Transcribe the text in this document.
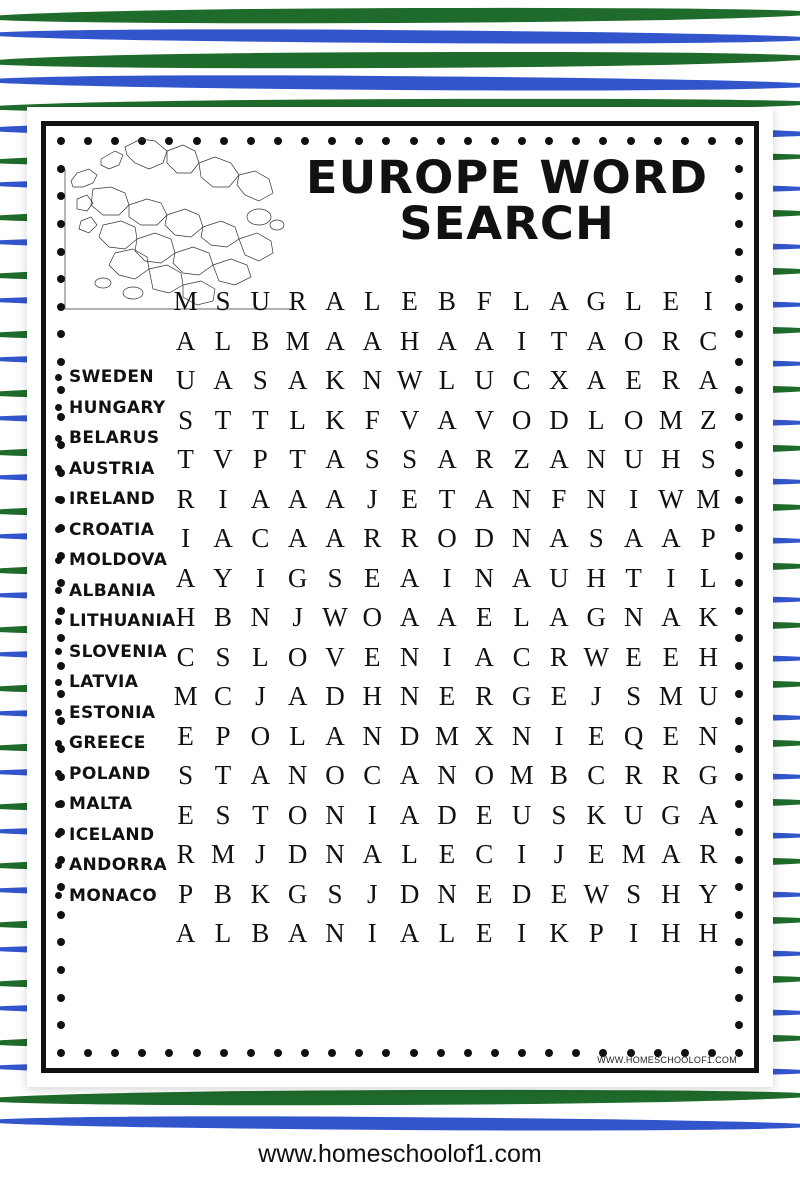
EUROPE WORD
SEARCH
SWEDEN
HUNGARY
BELARUS
AUSTRIA
IRELAND
CROATIA
MOLDOVA
ALBANIA
LITHUANIA
SLOVENIA
LATVIA
ESTONIA
GREECE
POLAND
MALTA
ICELAND
ANDORRA
MONACO
M S U R A L E B F L A G L E I
A L B M A A H A A I T A O R C
U A S A K N W L U C X A E R A
S T T L K F V A V O D L O M Z
T V P T A S S A R Z A N U H S
R I A A A J E T A N F N I W M
I A C A A R R O D N A S A A P
A Y I G S E A I N A U H T I L
H B N J W O A A E L A G N A K
C S L O V E N I A C R W E E H
M C J A D H N E R G E J S M U
E P O L A N D M X N I E Q E N
S T A N O C A N O M B C R R G
E S T O N I A D E U S K U G A
R M J D N A L E C I	J E M A R
P B K G S J D N E D E W S H Y
A L B A N I A L E I K P I H H
WWW.HOMESCHOOLOF1.COM
www.homeschoolof1.com
